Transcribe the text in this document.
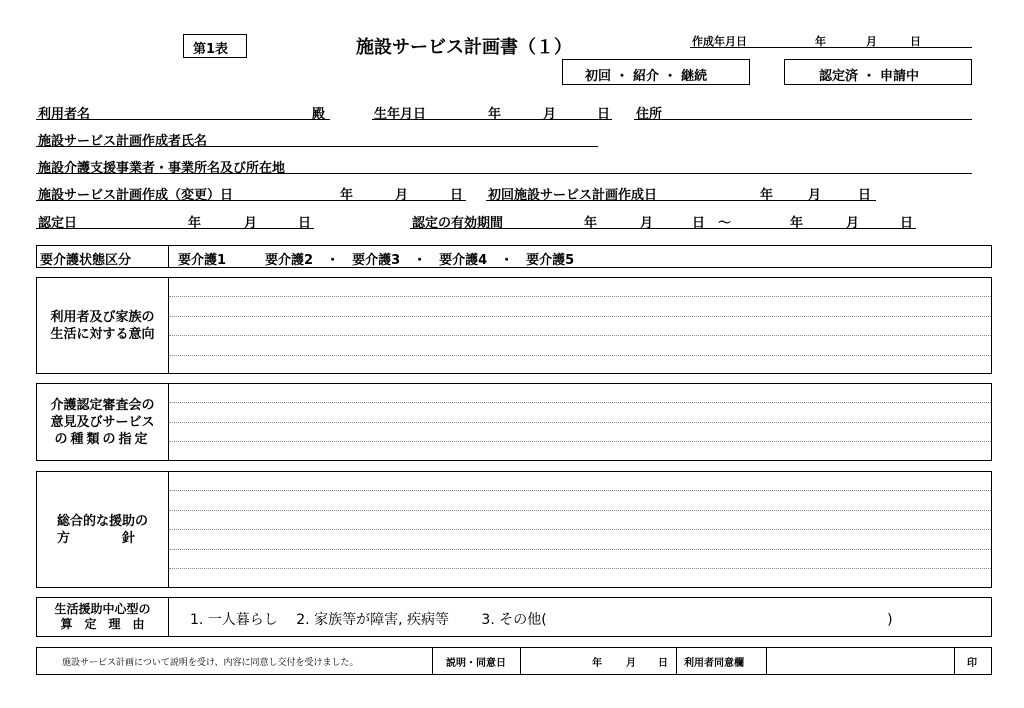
第1表	施設サービス計画書（１）	作成年月日	年	月	日
初回 ・ 紹介 ・ 継続	認定済 ・ 申請中
利用者名	殿	生年月日	年	月	日 住所
施設サービス計画作成者氏名
施設介護支援事業者・事業所名及び所在地
施設サービス計画作成（変更）日	年	月	日 初回施設サービス計画作成日	年	月	日
認定日	年	月	日	認定の有効期間	年	月	日 ～	年	月	日
要介護状態区分	要介護1　　　要介護2　・　要介護3　・　要介護4　・　要介護5
利用者及び家族の
生活に対する意向
介護認定審査会の
意見及びサービス
の種類の指定
総合的な援助の
方　　　　針
生活援助中心型の
算　定　理　由	1. 一人暮らし　 2. 家族等が障害, 疾病等　　 3. その他(　　　　　　　　　　　　　　　　　　　　　　　　 )
施設サービス計画について説明を受け、内容に同意し交付を受けました。	説明・同意日	年 月 日 利用者同意欄	印
